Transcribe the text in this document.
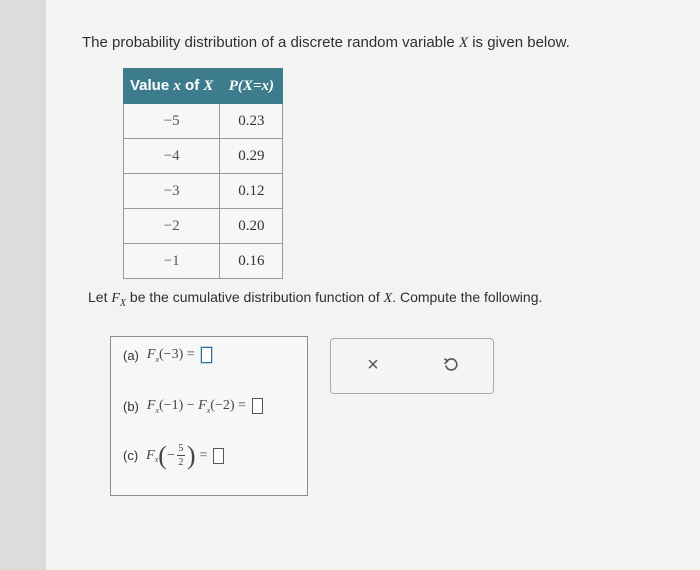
The probability distribution of a discrete random variable X is given below.
Value x of X	P(X=x)
−5	0.23
−4	0.29
−3	0.12
−2	0.20
−1	0.16
Let $F_X$ be the cumulative distribution function of X. Compute the following.
(a) $F_x(-3)$ =
(b) $F_x(-1) - F_x(-2)$ =
(c) $F_x$ ( − $\frac{5}{2}$ ) =
×
